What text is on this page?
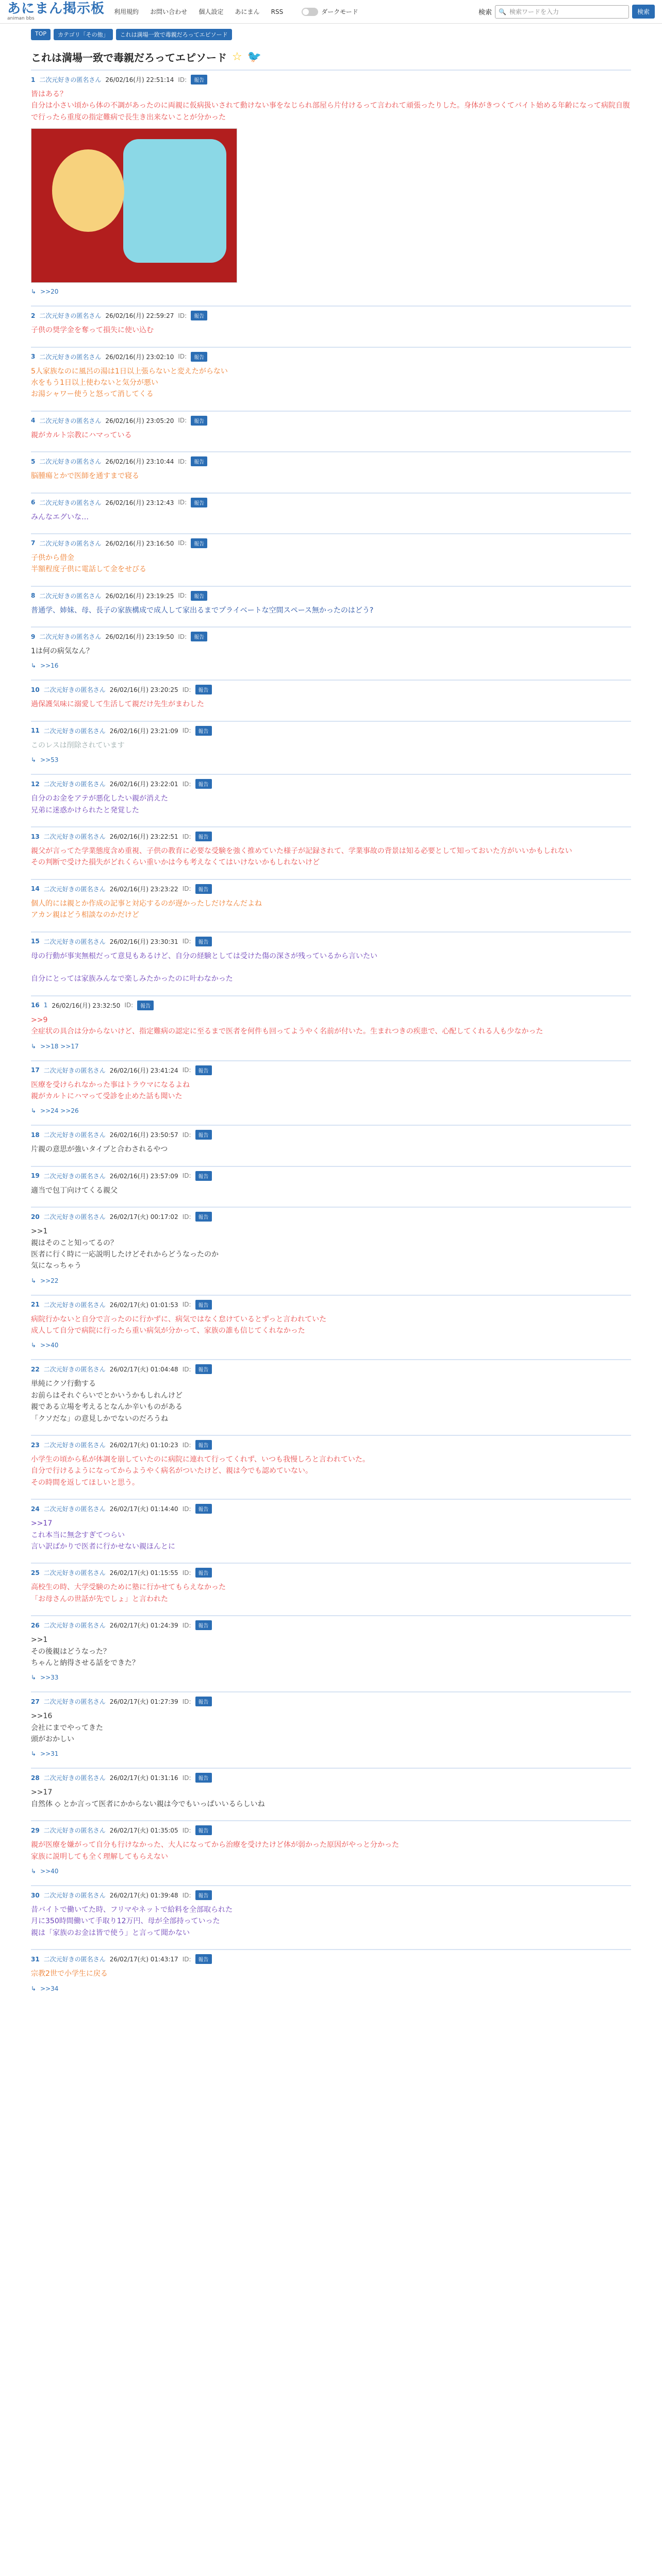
あにまん掲示板
animan bbs
利用規約 お問い合わせ 個人設定 あにまん RSS	ダークモード	検索 🔍 検索ワードを入力	検索
TOP	カテゴリ「その他」	これは満場一致で毒親だろってエピソード
これは満場一致で毒親だろってエピソード ☆ 🐦
1 二次元好きの匿名さん 26/02/16(月) 22:51:14 ID:	報告
皆はある？
自分は小さい頃から体の不調があったのに両親に仮病扱いされて動けない事をなじられ部屋ら片付けるって言われて頑張ったりした。身体がきつくてバイト始める年齢になって病院自腹で行ったら重度の指定難病で長生き出来ないことが分かった
↳ >>20
2 二次元好きの匿名さん 26/02/16(月) 22:59:27 ID:	報告
子供の奨学金を奪って損失に使い込む
3 二次元好きの匿名さん 26/02/16(月) 23:02:10 ID:	報告
5人家族なのに風呂の湯は1日以上張らないと変えたがらない
水をもう1日以上使わないと気分が悪い
お湯シャワー使うと怒って消してくる
4 二次元好きの匿名さん 26/02/16(月) 23:05:20 ID:	報告
親がカルト宗教にハマっている
5 二次元好きの匿名さん 26/02/16(月) 23:10:44 ID:	報告
脳腫瘍とかで医師を通すまで寝る
6 二次元好きの匿名さん 26/02/16(月) 23:12:43 ID:	報告
みんなエグいな…
7 二次元好きの匿名さん 26/02/16(月) 23:16:50 ID:	報告
子供から借金
半額程度子供に電話して金をせびる
8 二次元好きの匿名さん 26/02/16(月) 23:19:25 ID:	報告
普通学、姉妹、母、長子の家族構成で成人して家出るまでプライベートな空間スペース無かったのはどう?
9 二次元好きの匿名さん 26/02/16(月) 23:19:50 ID:	報告
1は何の病気なん？
↳ >>16
10 二次元好きの匿名さん 26/02/16(月) 23:20:25 ID:	報告
過保護気味に溺愛して生活して親だけ先生がまわした
11 二次元好きの匿名さん 26/02/16(月) 23:21:09 ID:	報告
このレスは削除されています
↳ >>53
12 二次元好きの匿名さん 26/02/16(月) 23:22:01 ID:	報告
自分のお金をアテが悪化したい親が消えた
兄弟に迷惑かけられたと発覚した
13 二次元好きの匿名さん 26/02/16(月) 23:22:51 ID:	報告
親父が言ってた学業態度含め重視、子供の教育に必要な受験を強く推めていた様子が記録されて、学業事故の背景は知る必要として知っておいた方がいいかもしれない
その判断で受けた損失がどれくらい重いかは今も考えなくてはいけないかもしれないけど
14 二次元好きの匿名さん 26/02/16(月) 23:23:22 ID:	報告
個人的には親とか作成の記事と対応するのが遅かったしだけなんだよね
アカン親はどう相談なのかだけど
15 二次元好きの匿名さん 26/02/16(月) 23:30:31 ID:	報告
母の行動が事実無根だって意見もあるけど、自分の経験としては受けた傷の深さが残っているから言いたい

自分にとっては家族みんなで楽しみたかったのに叶わなかった
16 1 26/02/16(月) 23:32:50 ID:	報告
>>9
全症状の具合は分からないけど、指定難病の認定に至るまで医者を何件も回ってようやく名前が付いた。生まれつきの疾患で、心配してくれる人も少なかった
↳ >>18 >>17
17 二次元好きの匿名さん 26/02/16(月) 23:41:24 ID:	報告
医療を受けられなかった事はトラウマになるよね
親がカルトにハマって受診を止めた話も聞いた
↳ >>24 >>26
18 二次元好きの匿名さん 26/02/16(月) 23:50:57 ID:	報告
片親の意思が強いタイプと合わされるやつ
19 二次元好きの匿名さん 26/02/16(月) 23:57:09 ID:	報告
適当で包丁向けてくる親父
20 二次元好きの匿名さん 26/02/17(火) 00:17:02 ID:	報告
>>1
親はそのこと知ってるの？
医者に行く時に一応説明したけどそれからどうなったのか
気になっちゃう
↳ >>22
21 二次元好きの匿名さん 26/02/17(火) 01:01:53 ID:	報告
病院行かないと自分で言ったのに行かずに、病気ではなく怠けているとずっと言われていた
成人して自分で病院に行ったら重い病気が分かって、家族の誰も信じてくれなかった
↳ >>40
22 二次元好きの匿名さん 26/02/17(火) 01:04:48 ID:	報告
単純にクソ行動する
お前らはそれぐらいでとかいうかもしれんけど
親である立場を考えるとなんか辛いものがある
「クソだな」の意見しかでないのだろうね
23 二次元好きの匿名さん 26/02/17(火) 01:10:23 ID:	報告
小学生の頃から私が体調を崩していたのに病院に連れて行ってくれず、いつも我慢しろと言われていた。
自分で行けるようになってからようやく病名がついたけど、親は今でも認めていない。
その時間を返してほしいと思う。
24 二次元好きの匿名さん 26/02/17(火) 01:14:40 ID:	報告
>>17
これ本当に無念すぎてつらい
言い訳ばかりで医者に行かせない親ほんとに
25 二次元好きの匿名さん 26/02/17(火) 01:15:55 ID:	報告
高校生の時、大学受験のために塾に行かせてもらえなかった
「お母さんの世話が先でしょ」と言われた
26 二次元好きの匿名さん 26/02/17(火) 01:24:39 ID:	報告
>>1
その後親はどうなった？
ちゃんと納得させる話をできた？
↳ >>33
27 二次元好きの匿名さん 26/02/17(火) 01:27:39 ID:	報告
>>16
会社にまでやってきた
頭がおかしい
↳ >>31
28 二次元好きの匿名さん 26/02/17(火) 01:31:16 ID:	報告
>>17
自然体 ◇ とか言って医者にかからない親は今でもいっぱいいるらしいね
29 二次元好きの匿名さん 26/02/17(火) 01:35:05 ID:	報告
親が医療を嫌がって自分も行けなかった、大人になってから治療を受けたけど体が弱かった原因がやっと分かった
家族に説明しても全く理解してもらえない
↳ >>40
30 二次元好きの匿名さん 26/02/17(火) 01:39:48 ID:	報告
昔バイトで働いてた時、フリマやネットで給料を全部取られた
月に350時間働いて手取り12万円、母が全部持っていった
親は「家族のお金は皆で使う」と言って聞かない
31 二次元好きの匿名さん 26/02/17(火) 01:43:17 ID:	報告
宗教2世で小学生に戻る
↳ >>34
